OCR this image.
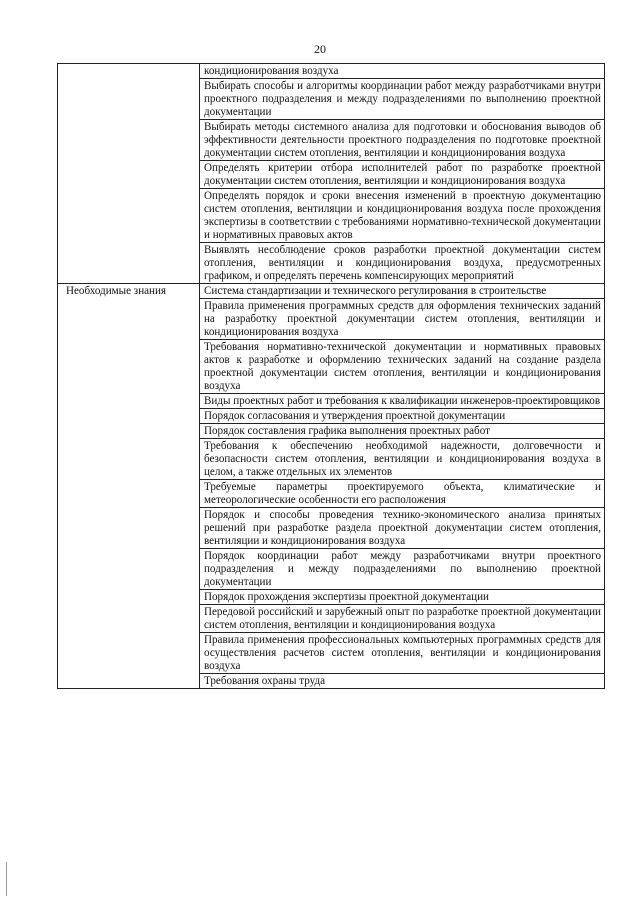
20

	кондиционирования воздуха

	Выбирать способы и алгоритмы координации работ между разработчиками внутри проектного подразделения и между подразделениями по выполнению проектной документации

	Выбирать методы системного анализа для подготовки и обоснования выводов об эффективности деятельности проектного подразделения по подготовке проектной документации систем отопления, вентиляции и кондиционирования воздуха

	Определять критерии отбора исполнителей работ по разработке проектной документации систем отопления, вентиляции и кондиционирования воздуха

	Определять порядок и сроки внесения изменений в проектную документацию систем отопления, вентиляции и кондиционирования воздуха после прохождения экспертизы в соответствии с требованиями нормативно-технической документации и нормативных правовых актов

	Выявлять несоблюдение сроков разработки проектной документации систем отопления, вентиляции и кондиционирования воздуха, предусмотренных графиком, и определять перечень компенсирующих мероприятий

Необходимые знания	Система стандартизации и технического регулирования в строительстве

	Правила применения программных средств для оформления технических заданий на разработку проектной документации систем отопления, вентиляции и кондиционирования воздуха

	Требования нормативно-технической документации и нормативных правовых актов к разработке и оформлению технических заданий на создание раздела проектной документации систем отопления, вентиляции и кондиционирования воздуха

	Виды проектных работ и требования к квалификации инженеров-проектировщиков

	Порядок согласования и утверждения проектной документации

	Порядок составления графика выполнения проектных работ

	Требования к обеспечению необходимой надежности, долговечности и безопасности систем отопления, вентиляции и кондиционирования воздуха в целом, а также отдельных их элементов

	Требуемые параметры проектируемого объекта, климатические и метеорологические особенности его расположения

	Порядок и способы проведения технико-экономического анализа принятых решений при разработке раздела проектной документации систем отопления, вентиляции и кондиционирования воздуха

	Порядок координации работ между разработчиками внутри проектного подразделения и между подразделениями по выполнению проектной документации

	Порядок прохождения экспертизы проектной документации

	Передовой российский и зарубежный опыт по разработке проектной документации систем отопления, вентиляции и кондиционирования воздуха

	Правила применения профессиональных компьютерных программных средств для осуществления расчетов систем отопления, вентиляции и кондиционирования воздуха

	Требования охраны труда
